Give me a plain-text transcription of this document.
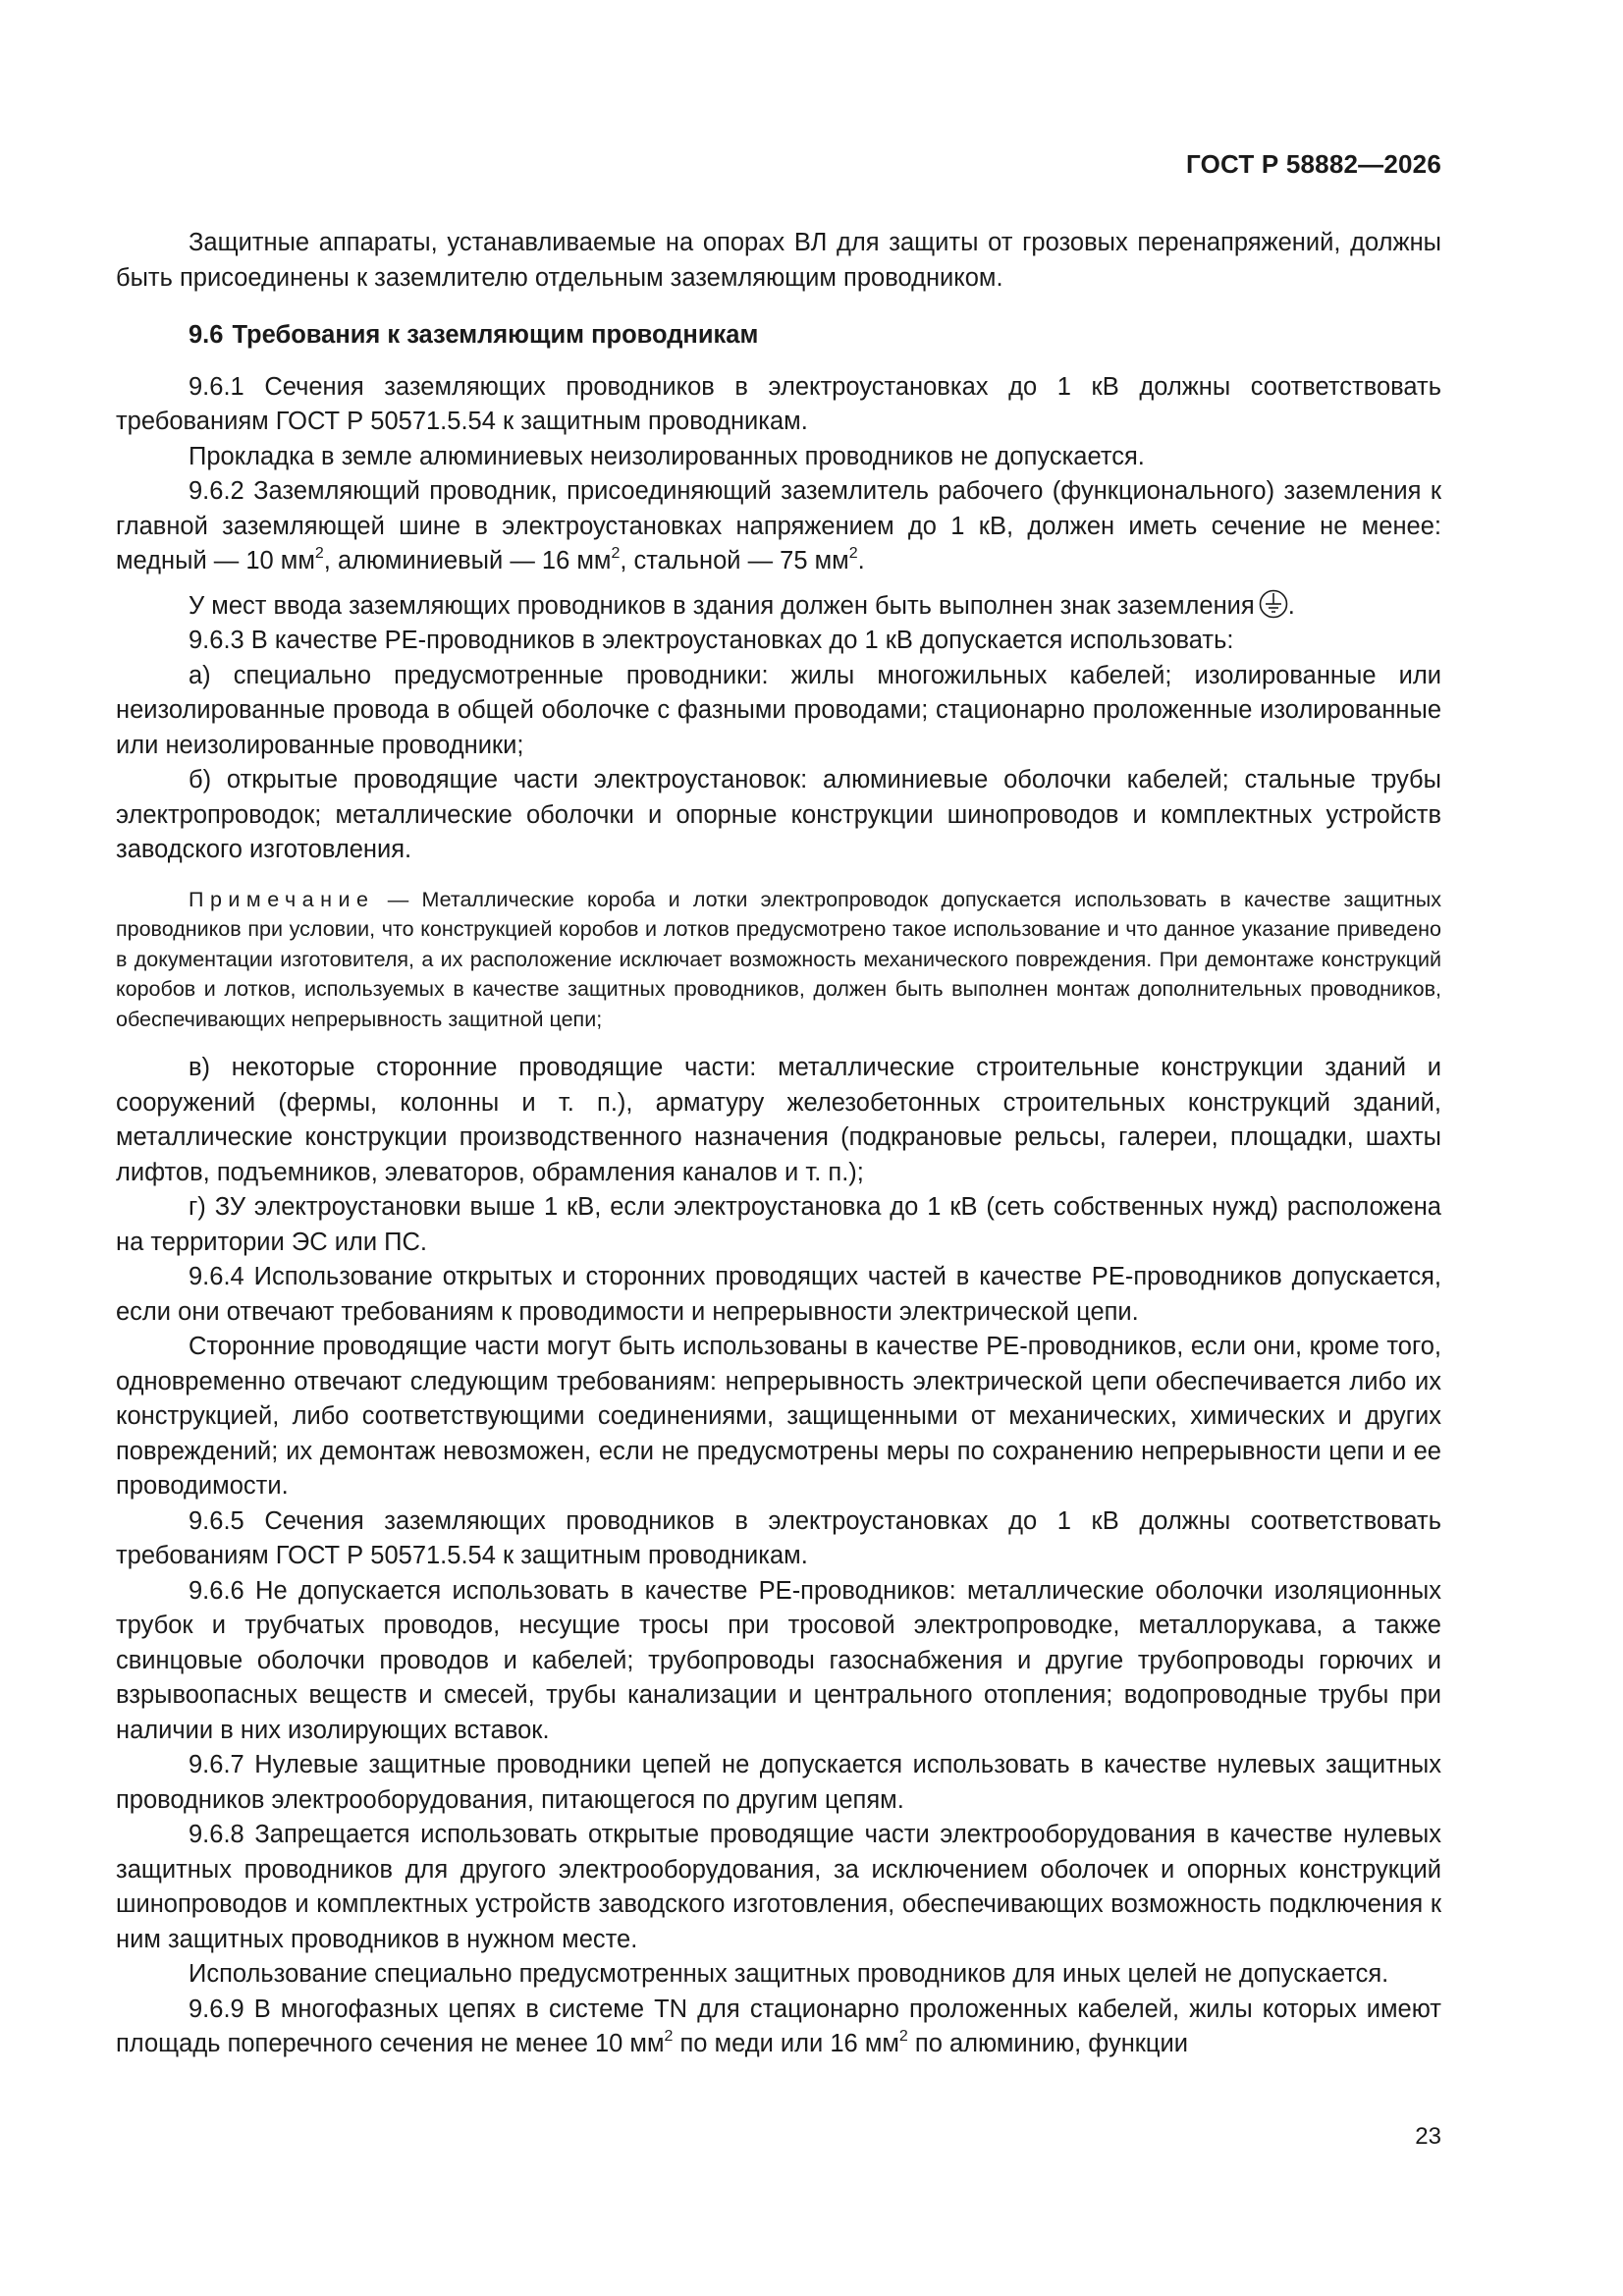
ГОСТ Р 58882—2026

Защитные аппараты, устанавливаемые на опорах ВЛ для защиты от грозовых перенапряжений, должны быть присоединены к заземлителю отдельным заземляющим проводником.

9.6 Требования к заземляющим проводникам

9.6.1 Сечения заземляющих проводников в электроустановках до 1 кВ должны соответствовать требованиям ГОСТ Р 50571.5.54 к защитным проводникам.

Прокладка в земле алюминиевых неизолированных проводников не допускается.

9.6.2 Заземляющий проводник, присоединяющий заземлитель рабочего (функционального) заземления к главной заземляющей шине в электроустановках напряжением до 1 кВ, должен иметь сечение не менее: медный — 10 $мм^2$, алюминиевый — 16 $мм^2$, стальной — 75 $мм^2$.

У мест ввода заземляющих проводников в здания должен быть выполнен знак заземления .

9.6.3 В качестве PE-проводников в электроустановках до 1 кВ допускается использовать:

а) специально предусмотренные проводники: жилы многожильных кабелей; изолированные или неизолированные провода в общей оболочке с фазными проводами; стационарно проложенные изолированные или неизолированные проводники;

б) открытые проводящие части электроустановок: алюминиевые оболочки кабелей; стальные трубы электропроводок; металлические оболочки и опорные конструкции шинопроводов и комплектных устройств заводского изготовления.

Примечание — Металлические короба и лотки электропроводок допускается использовать в качестве защитных проводников при условии, что конструкцией коробов и лотков предусмотрено такое использование и что данное указание приведено в документации изготовителя, а их расположение исключает возможность механического повреждения. При демонтаже конструкций коробов и лотков, используемых в качестве защитных проводников, должен быть выполнен монтаж дополнительных проводников, обеспечивающих непрерывность защитной цепи;

в) некоторые сторонние проводящие части: металлические строительные конструкции зданий и сооружений (фермы, колонны и т. п.), арматуру железобетонных строительных конструкций зданий, металлические конструкции производственного назначения (подкрановые рельсы, галереи, площадки, шахты лифтов, подъемников, элеваторов, обрамления каналов и т. п.);

г) ЗУ электроустановки выше 1 кВ, если электроустановка до 1 кВ (сеть собственных нужд) расположена на территории ЭС или ПС.

9.6.4 Использование открытых и сторонних проводящих частей в качестве PE-проводников допускается, если они отвечают требованиям к проводимости и непрерывности электрической цепи.

Сторонние проводящие части могут быть использованы в качестве PE-проводников, если они, кроме того, одновременно отвечают следующим требованиям: непрерывность электрической цепи обеспечивается либо их конструкцией, либо соответствующими соединениями, защищенными от механических, химических и других повреждений; их демонтаж невозможен, если не предусмотрены меры по сохранению непрерывности цепи и ее проводимости.

9.6.5 Сечения заземляющих проводников в электроустановках до 1 кВ должны соответствовать требованиям ГОСТ Р 50571.5.54 к защитным проводникам.

9.6.6 Не допускается использовать в качестве PE-проводников: металлические оболочки изоляционных трубок и трубчатых проводов, несущие тросы при тросовой электропроводке, металлорукава, а также свинцовые оболочки проводов и кабелей; трубопроводы газоснабжения и другие трубопроводы горючих и взрывоопасных веществ и смесей, трубы канализации и центрального отопления; водопроводные трубы при наличии в них изолирующих вставок.

9.6.7 Нулевые защитные проводники цепей не допускается использовать в качестве нулевых защитных проводников электрооборудования, питающегося по другим цепям.

9.6.8 Запрещается использовать открытые проводящие части электрооборудования в качестве нулевых защитных проводников для другого электрооборудования, за исключением оболочек и опорных конструкций шинопроводов и комплектных устройств заводского изготовления, обеспечивающих возможность подключения к ним защитных проводников в нужном месте.

Использование специально предусмотренных защитных проводников для иных целей не допускается.

9.6.9 В многофазных цепях в системе TN для стационарно проложенных кабелей, жилы которых имеют площадь поперечного сечения не менее 10 $мм^2$ по меди или 16 $мм^2$ по алюминию, функции

23
